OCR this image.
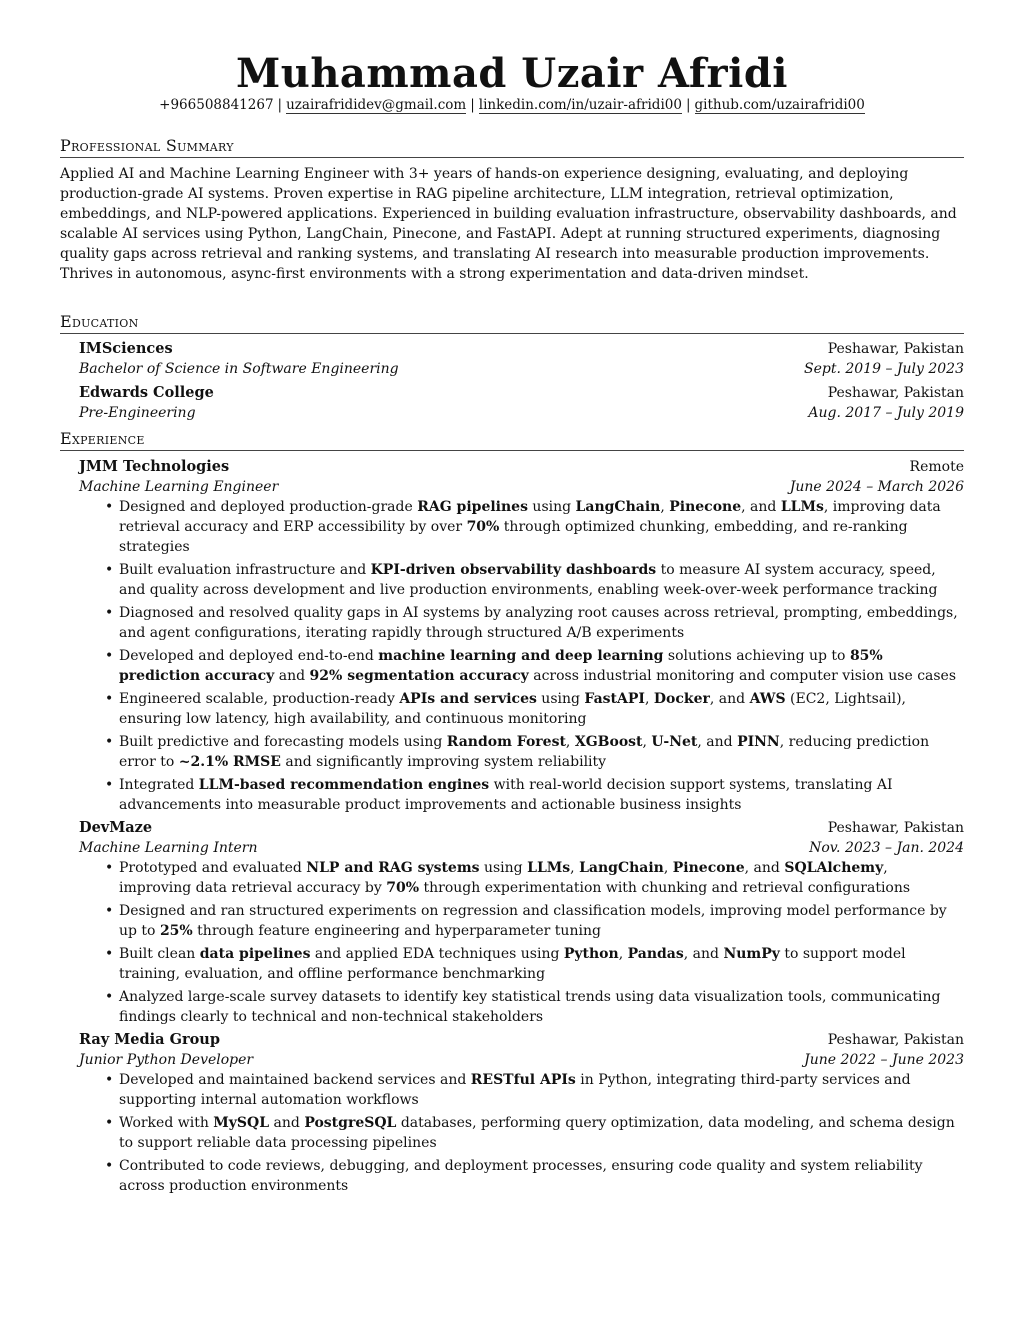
Muhammad Uzair Afridi
+966508841267 | uzairafrididev@gmail.com | linkedin.com/in/uzair-afridi00 | github.com/uzairafridi00
Professional Summary
Applied AI and Machine Learning Engineer with 3+ years of hands-on experience designing, evaluating, and deploying production-grade AI systems. Proven expertise in RAG pipeline architecture, LLM integration, retrieval optimization, embeddings, and NLP-powered applications. Experienced in building evaluation infrastructure, observability dashboards, and scalable AI services using Python, LangChain, Pinecone, and FastAPI. Adept at running structured experiments, diagnosing quality gaps across retrieval and ranking systems, and translating AI research into measurable production improvements. Thrives in autonomous, async-first environments with a strong experimentation and data-driven mindset.
Education
IMSciences	Peshawar, Pakistan
Bachelor of Science in Software Engineering	Sept. 2019 – July 2023
Edwards College	Peshawar, Pakistan
Pre-Engineering	Aug. 2017 – July 2019
Experience
JMM Technologies	Remote
Machine Learning Engineer	June 2024 – March 2026
• Designed and deployed production-grade RAG pipelines using LangChain, Pinecone, and LLMs, improving data retrieval accuracy and ERP accessibility by over 70% through optimized chunking, embedding, and re-ranking strategies
• Built evaluation infrastructure and KPI-driven observability dashboards to measure AI system accuracy, speed, and quality across development and live production environments, enabling week-over-week performance tracking
• Diagnosed and resolved quality gaps in AI systems by analyzing root causes across retrieval, prompting, embeddings, and agent configurations, iterating rapidly through structured A/B experiments
• Developed and deployed end-to-end machine learning and deep learning solutions achieving up to 85% prediction accuracy and 92% segmentation accuracy across industrial monitoring and computer vision use cases
• Engineered scalable, production-ready APIs and services using FastAPI, Docker, and AWS (EC2, Lightsail), ensuring low latency, high availability, and continuous monitoring
• Built predictive and forecasting models using Random Forest, XGBoost, U-Net, and PINN, reducing prediction error to ~2.1% RMSE and significantly improving system reliability
• Integrated LLM-based recommendation engines with real-world decision support systems, translating AI advancements into measurable product improvements and actionable business insights
DevMaze	Peshawar, Pakistan
Machine Learning Intern	Nov. 2023 – Jan. 2024
• Prototyped and evaluated NLP and RAG systems using LLMs, LangChain, Pinecone, and SQLAlchemy, improving data retrieval accuracy by 70% through experimentation with chunking and retrieval configurations
• Designed and ran structured experiments on regression and classification models, improving model performance by up to 25% through feature engineering and hyperparameter tuning
• Built clean data pipelines and applied EDA techniques using Python, Pandas, and NumPy to support model training, evaluation, and offline performance benchmarking
• Analyzed large-scale survey datasets to identify key statistical trends using data visualization tools, communicating findings clearly to technical and non-technical stakeholders
Ray Media Group	Peshawar, Pakistan
Junior Python Developer	June 2022 – June 2023
• Developed and maintained backend services and RESTful APIs in Python, integrating third-party services and supporting internal automation workflows
• Worked with MySQL and PostgreSQL databases, performing query optimization, data modeling, and schema design to support reliable data processing pipelines
• Contributed to code reviews, debugging, and deployment processes, ensuring code quality and system reliability across production environments
